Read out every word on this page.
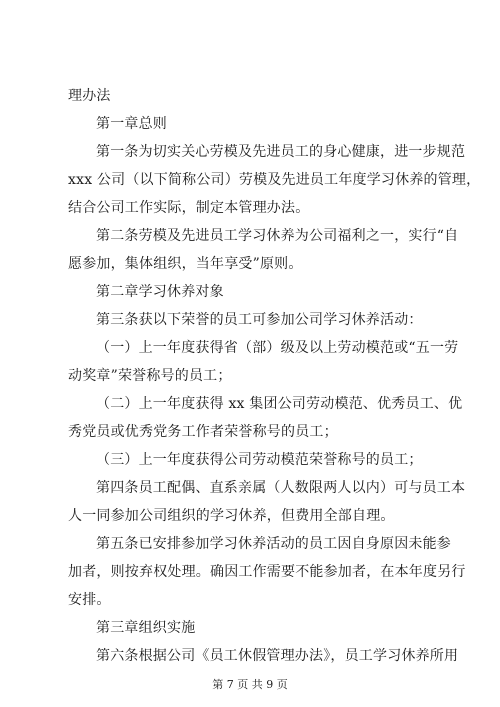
理办法

第一章总则

第一条为切实关心劳模及先进员工的身心健康，进一步规范

xxx 公司（以下简称公司）劳模及先进员工年度学习休养的管理，

结合公司工作实际，制定本管理办法。

第二条劳模及先进员工学习休养为公司福利之一，实行“自

愿参加，集体组织，当年享受”原则。

第二章学习休养对象

第三条获以下荣誉的员工可参加公司学习休养活动：

（一）上一年度获得省（部）级及以上劳动模范或“五一劳

动奖章”荣誉称号的员工；

（二）上一年度获得 xx 集团公司劳动模范、优秀员工、优

秀党员或优秀党务工作者荣誉称号的员工；

（三）上一年度获得公司劳动模范荣誉称号的员工；

第四条员工配偶、直系亲属（人数限两人以内）可与员工本

人一同参加公司组织的学习休养，但费用全部自理。

第五条已安排参加学习休养活动的员工因自身原因未能参

加者，则按弃权处理。确因工作需要不能参加者，在本年度另行

安排。

第三章组织实施

第六条根据公司《员工休假管理办法》，员工学习休养所用

第 7 页 共 9 页
